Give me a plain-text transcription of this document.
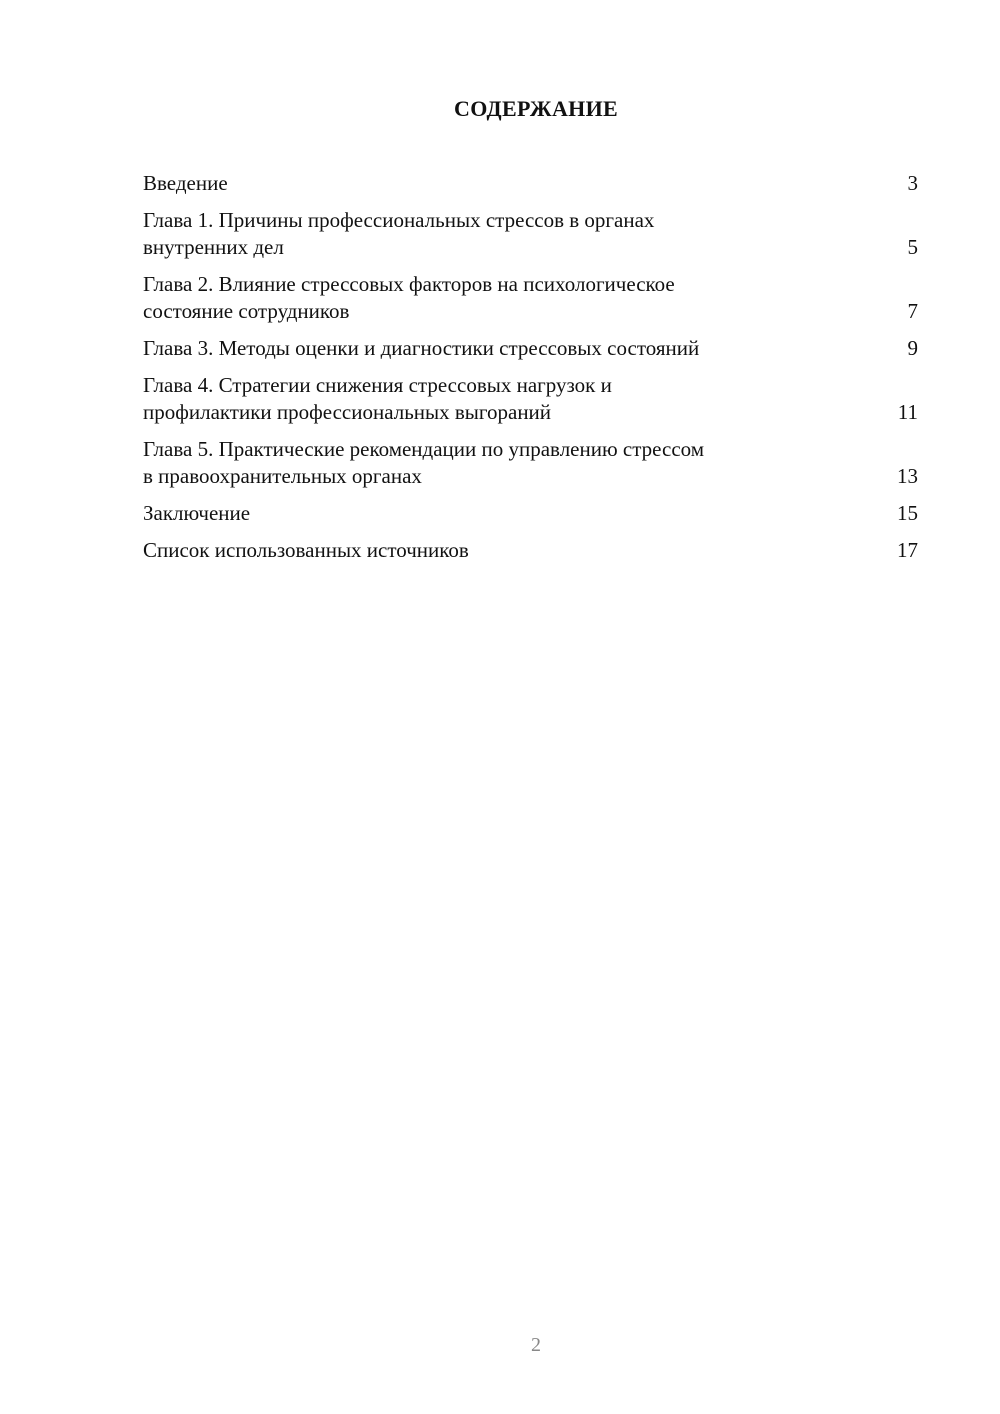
СОДЕРЖАНИЕ
Введение	3
Глава 1. Причины профессиональных стрессов в органах
внутренних дел	5
Глава 2. Влияние стрессовых факторов на психологическое
состояние сотрудников	7
Глава 3. Методы оценки и диагностики стрессовых состояний	9
Глава 4. Стратегии снижения стрессовых нагрузок и
профилактики профессиональных выгораний	11
Глава 5. Практические рекомендации по управлению стрессом
в правоохранительных органах	13
Заключение	15
Список использованных источников	17
2
